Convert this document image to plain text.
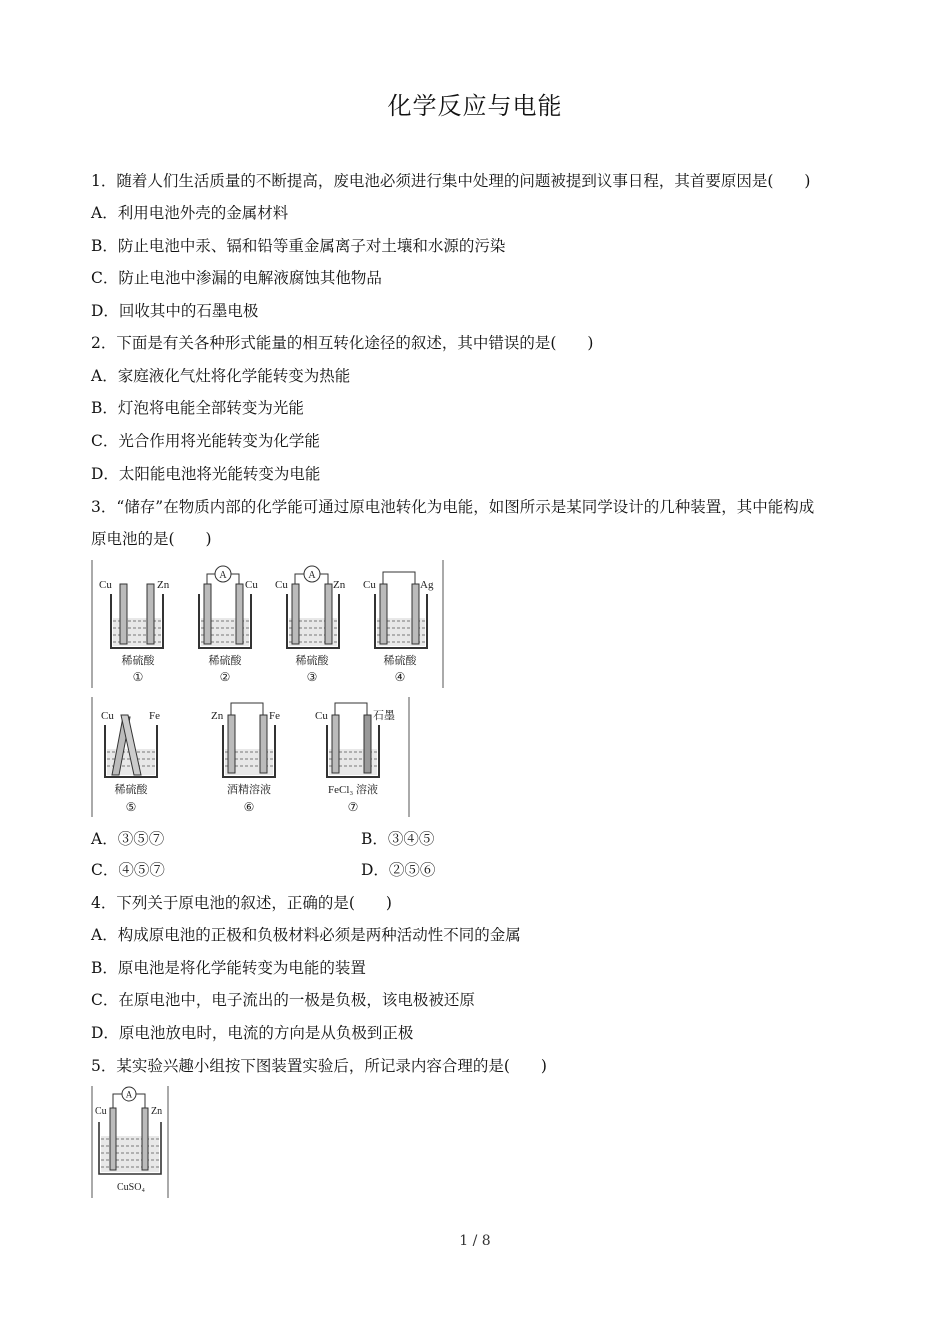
化学反应与电能
1．随着人们生活质量的不断提高，废电池必须进行集中处理的问题被提到议事日程，其首要原因是(　　)
A．利用电池外壳的金属材料
B．防止电池中汞、镉和铅等重金属离子对土壤和水源的污染
C．防止电池中渗漏的电解液腐蚀其他物品
D．回收其中的石墨电极
2．下面是有关各种形式能量的相互转化途径的叙述，其中错误的是(　　)
A．家庭液化气灶将化学能转变为热能
B．灯泡将电能全部转变为光能
C．光合作用将光能转变为化学能
D．太阳能电池将光能转变为电能
3．“储存”在物质内部的化学能可通过原电池转化为电能，如图所示是某同学设计的几种装置，其中能构成
原电池的是(　　)
Cu	Zn
稀硫酸
①
A
Cu
稀硫酸
②
Cu
A
Zn
稀硫酸
③
Cu	Ag
稀硫酸
④
Cu	Fe
稀硫酸
⑤
Zn	Fe
酒精溶液
⑥
Cu	石墨
FeCl₃ 溶液
⑦
A．③⑤⑦	B．③④⑤
C．④⑤⑦	D．②⑤⑥
4．下列关于原电池的叙述，正确的是(　　)
A．构成原电池的正极和负极材料必须是两种活动性不同的金属
B．原电池是将化学能转变为电能的装置
C．在原电池中，电子流出的一极是负极，该电极被还原
D．原电池放电时，电流的方向是从负极到正极
5．某实验兴趣小组按下图装置实验后，所记录内容合理的是(　　)
Cu
A
Zn
CuSO₄
1 / 8
